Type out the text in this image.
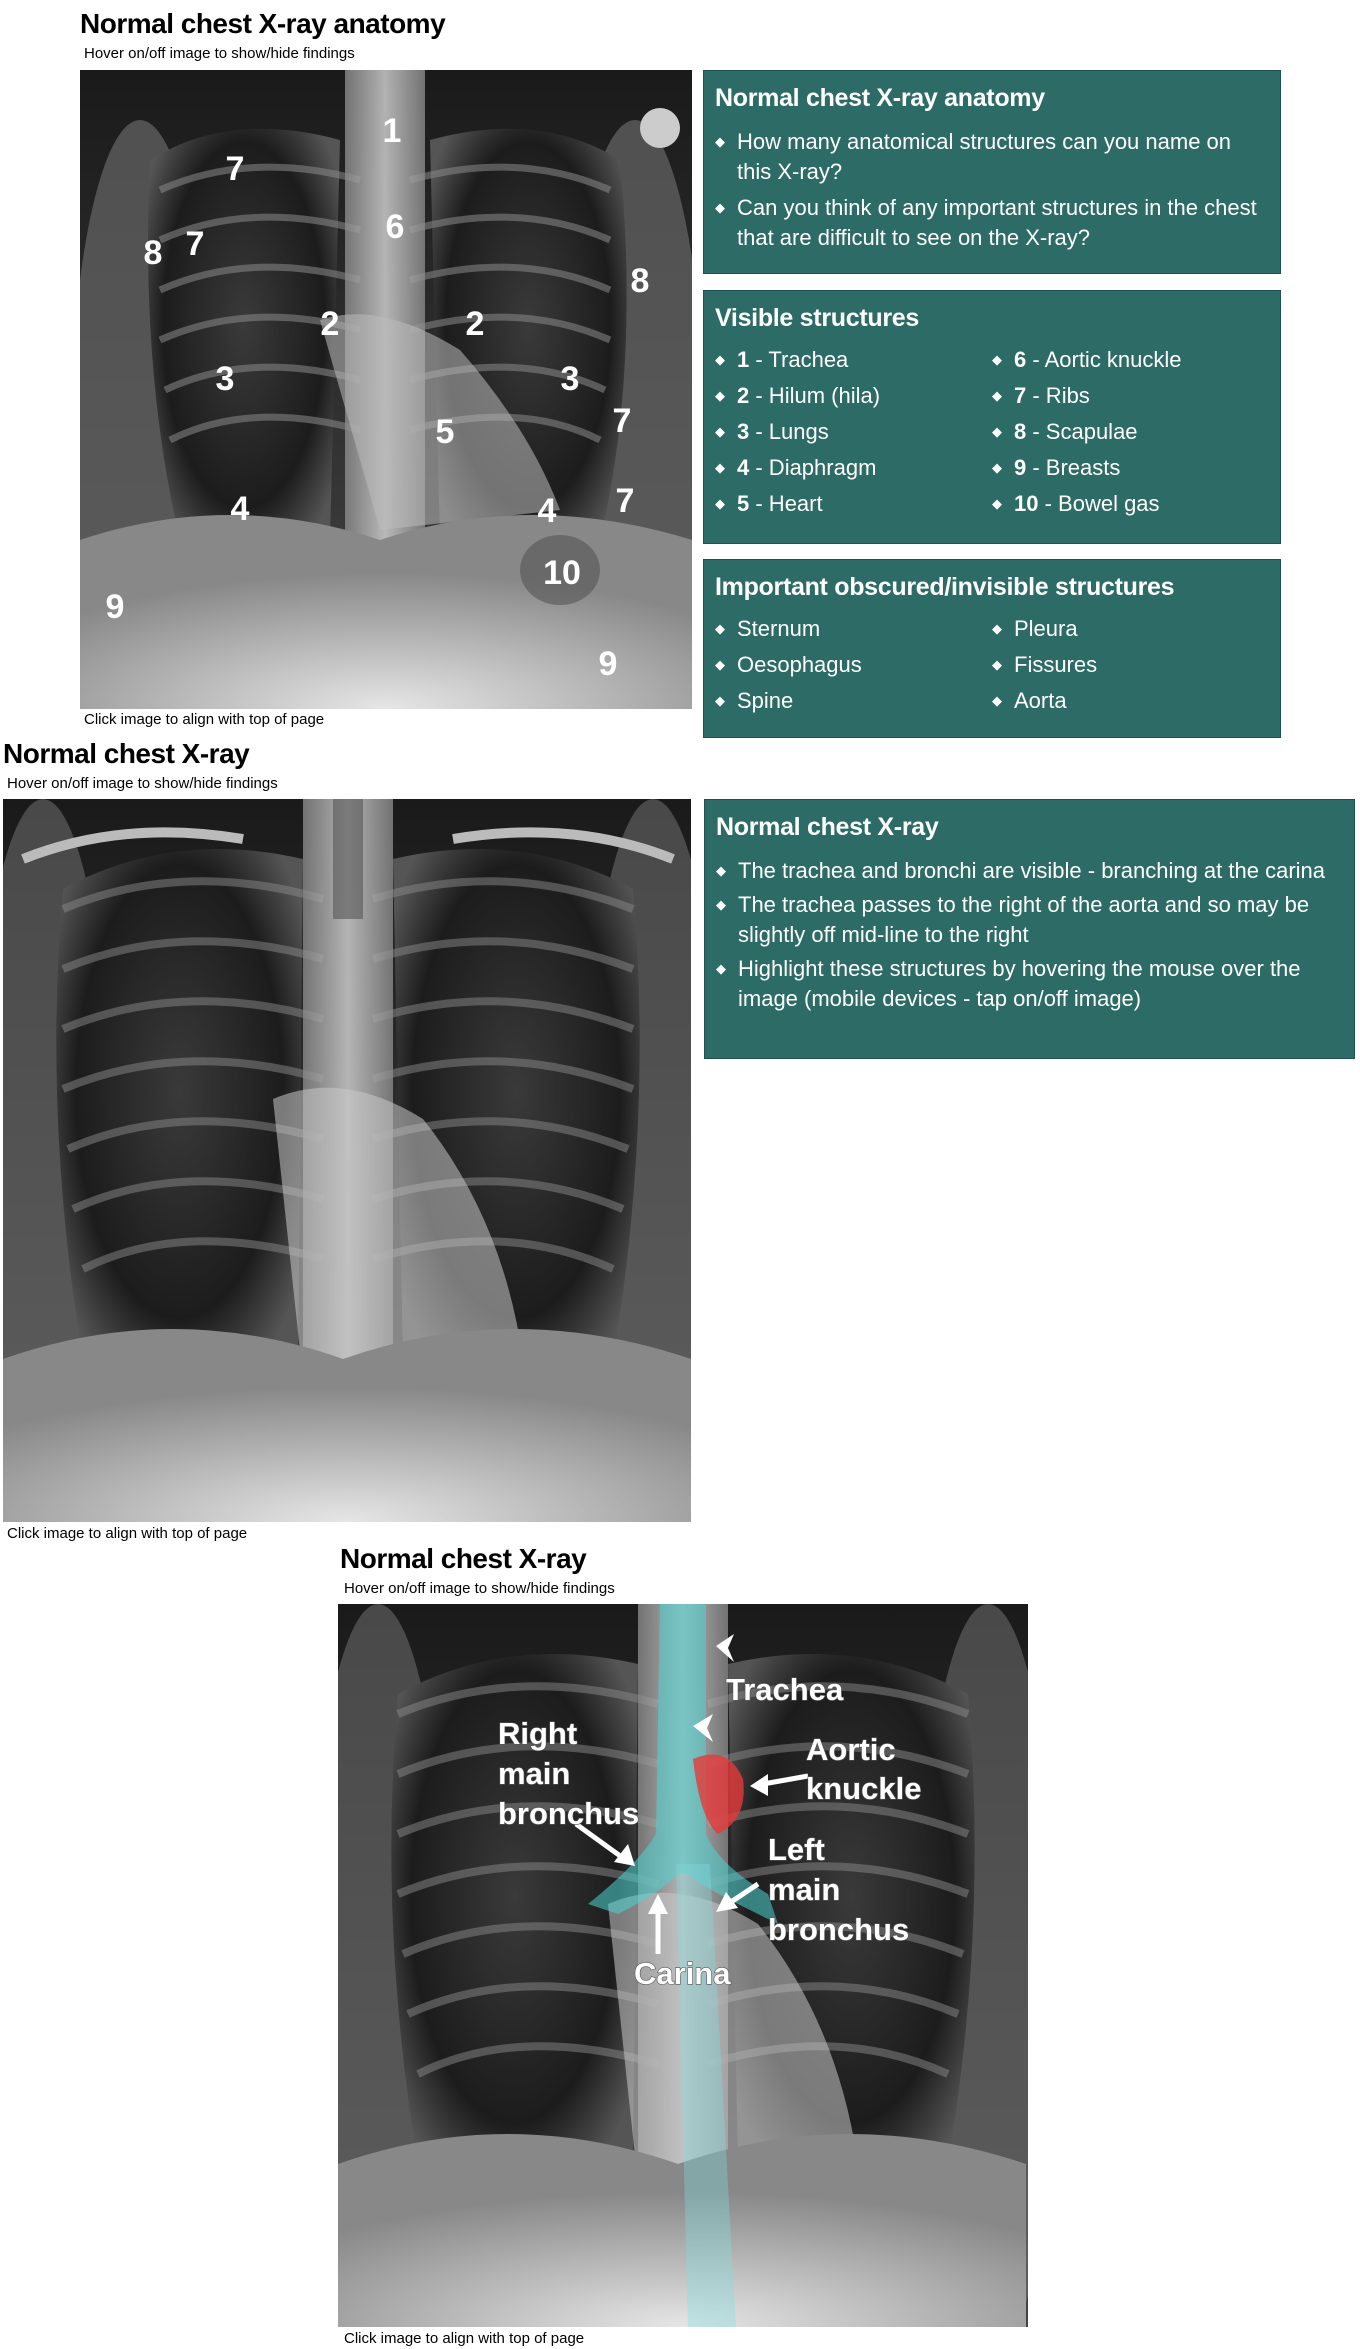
Normal chest X-ray anatomy
Hover on/off image to show/hide findings
1
6
7
7
8
8
2	2
3	3
5	7
7
4	4
10
9
9
Click image to align with top of page
Normal chest X-ray anatomy
◆ How many anatomical structures can you name on this X-ray?
◆ Can you think of any important structures in the chest that are difficult to see on the X-ray?
Visible structures
◆ 1 - Trachea
◆ 2 - Hilum (hila)
◆ 3 - Lungs
◆ 4 - Diaphragm
◆ 5 - Heart
◆ 6 - Aortic knuckle
◆ 7 - Ribs
◆ 8 - Scapulae
◆ 9 - Breasts
◆ 10 - Bowel gas
Important obscured/invisible structures
◆ Sternum
◆ Oesophagus
◆ Spine
◆ Pleura
◆ Fissures
◆ Aorta
Normal chest X-ray
Hover on/off image to show/hide findings
Click image to align with top of page
Normal chest X-ray
◆ The trachea and bronchi are visible - branching at the carina
◆ The trachea passes to the right of the aorta and so may be slightly off mid-line to the right
◆ Highlight these structures by hovering the mouse over the image (mobile devices - tap on/off image)
Normal chest X-ray
Hover on/off image to show/hide findings
Trachea
Aortic
knuckle
Right
main
bronchus
Left
main
bronchus
Carina
Click image to align with top of page
